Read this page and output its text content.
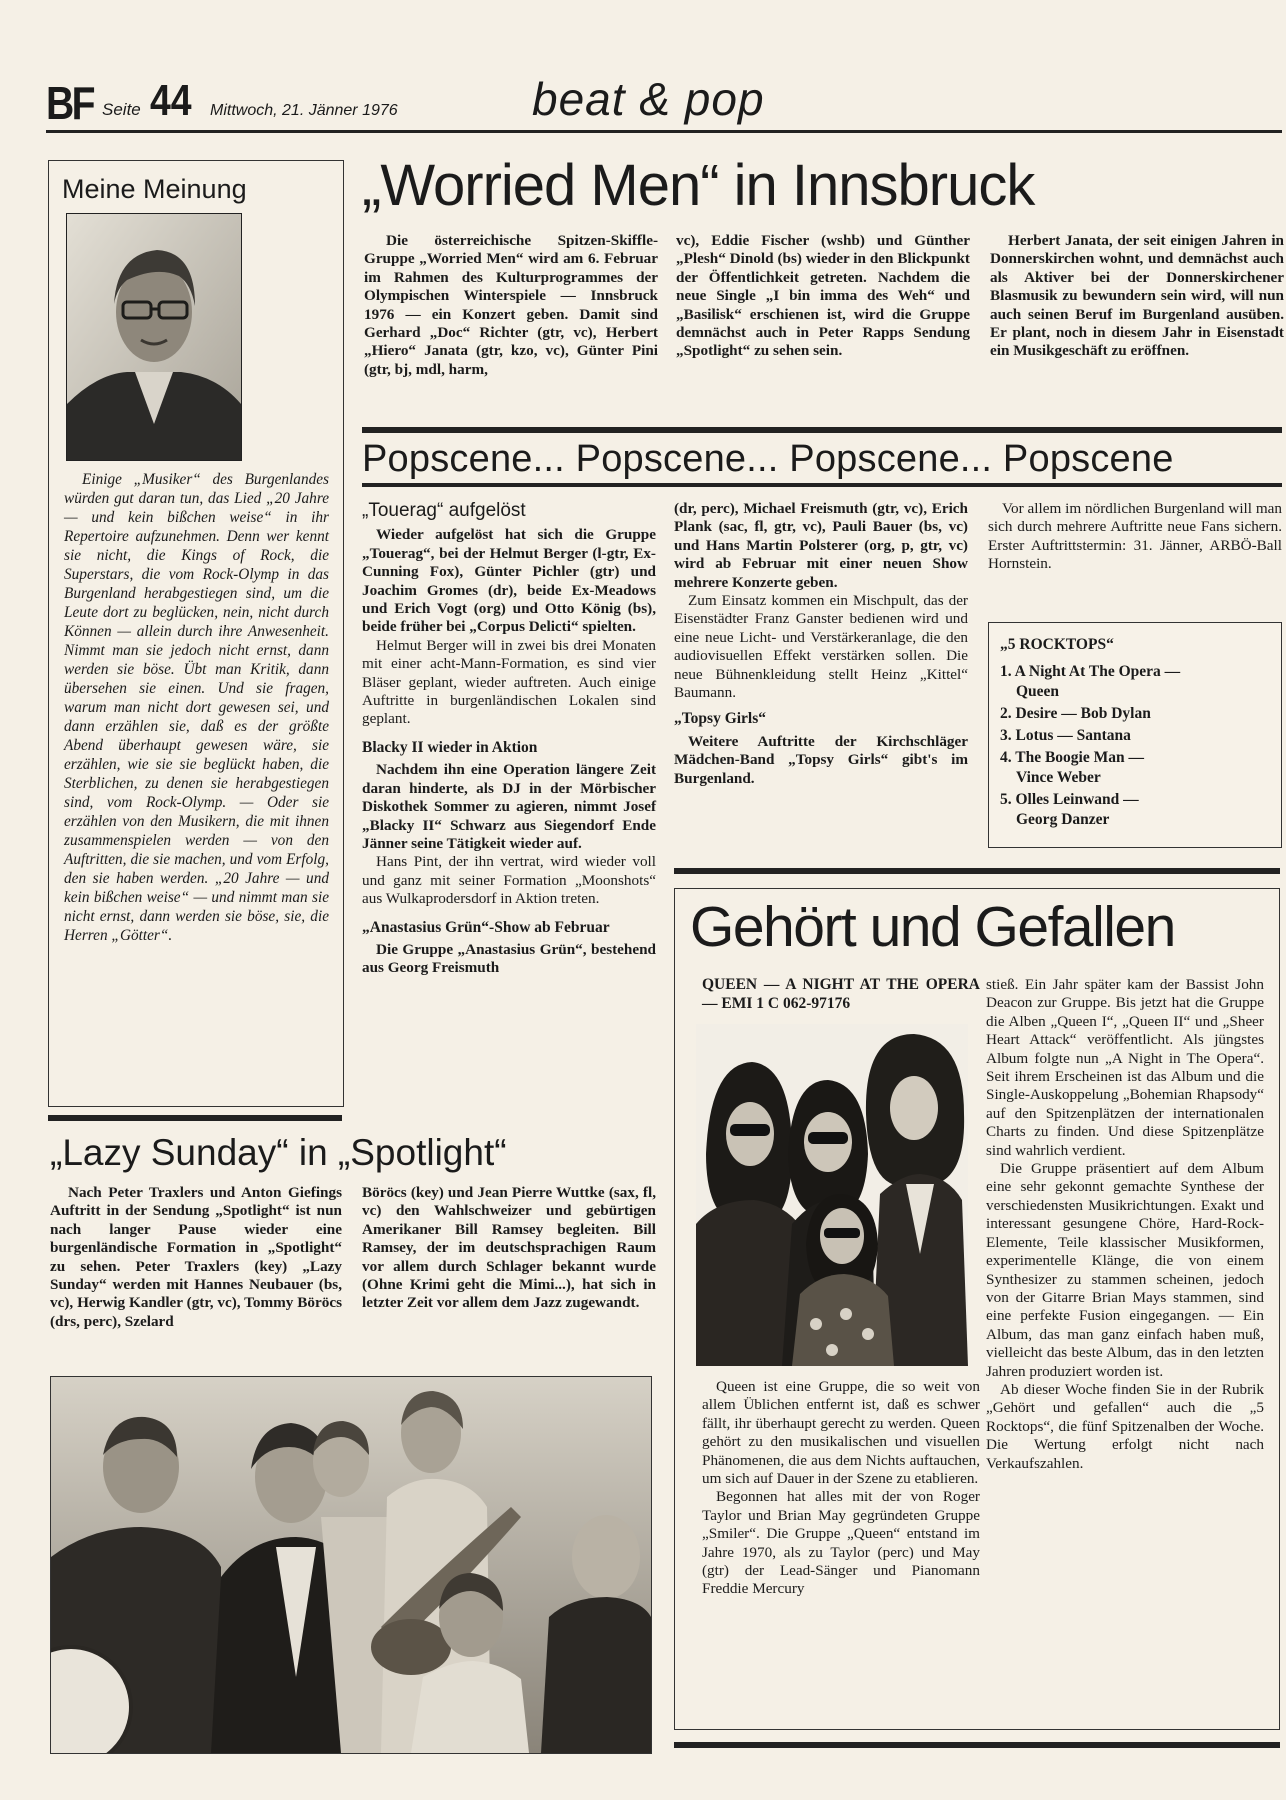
BF Seite 44 Mittwoch, 21. Jänner 1976	beat & pop
Meine Meinung
Einige „Musiker“ des Burgenlandes würden gut daran tun, das Lied „20 Jahre — und kein bißchen weise“ in ihr Repertoire aufzunehmen. Denn wer kennt sie nicht, die Kings of Rock, die Superstars, die vom Rock-Olymp in das Burgenland herabgestiegen sind, um die Leute dort zu beglücken, nein, nicht durch Können — allein durch ihre Anwesenheit. Nimmt man sie jedoch nicht ernst, dann werden sie böse. Übt man Kritik, dann übersehen sie einen. Und sie fragen, warum man nicht dort gewesen sei, und dann erzählen sie, daß es der größte Abend überhaupt gewesen wäre, sie erzählen, wie sie sie beglückt haben, die Sterblichen, zu denen sie herabgestiegen sind, vom Rock-Olymp. — Oder sie erzählen von den Musikern, die mit ihnen zusammenspielen werden — von den Auftritten, die sie machen, und vom Erfolg, den sie haben werden. „20 Jahre — und kein bißchen weise“ — und nimmt man sie nicht ernst, dann werden sie böse, sie, die Herren „Götter“.
„Worried Men“ in Innsbruck
Die österreichische Spitzen-Skiffle-Gruppe „Worried Men“ wird am 6. Februar im Rahmen des Kulturprogrammes der Olympischen Winterspiele — Innsbruck 1976 — ein Konzert geben. Damit sind Gerhard „Doc“ Richter (gtr, vc), Herbert „Hiero“ Janata (gtr, kzo, vc), Günter Pini (gtr, bj, mdl, harm,
vc), Eddie Fischer (wshb) und Günther „Plesh“ Dinold (bs) wieder in den Blickpunkt der Öffentlichkeit getreten. Nachdem die neue Single „I bin imma des Weh“ und „Basilisk“ erschienen ist, wird die Gruppe demnächst auch in Peter Rapps Sendung „Spotlight“ zu sehen sein.
Herbert Janata, der seit einigen Jahren in Donnerskirchen wohnt, und demnächst auch als Aktiver bei der Donnerskirchener Blasmusik zu bewundern sein wird, will nun auch seinen Beruf im Burgenland ausüben. Er plant, noch in diesem Jahr in Eisenstadt ein Musikgeschäft zu eröffnen.
Popscene... Popscene... Popscene... Popscene
„Touerag“ aufgelöst

Wieder aufgelöst hat sich die Gruppe „Touerag“, bei der Helmut Berger (l-gtr, Ex-Cunning Fox), Günter Pichler (gtr) und Joachim Gromes (dr), beide Ex-Meadows und Erich Vogt (org) und Otto König (bs), beide früher bei „Corpus Delicti“ spielten.

Helmut Berger will in zwei bis drei Monaten mit einer acht-Mann-Formation, es sind vier Bläser geplant, wieder auftreten. Auch einige Auftritte in burgenländischen Lokalen sind geplant.

Blacky II wieder in Aktion

Nachdem ihn eine Operation längere Zeit daran hinderte, als DJ in der Mörbischer Diskothek Sommer zu agieren, nimmt Josef „Blacky II“ Schwarz aus Siegendorf Ende Jänner seine Tätigkeit wieder auf.

Hans Pint, der ihn vertrat, wird wieder voll und ganz mit seiner Formation „Moonshots“ aus Wulkaprodersdorf in Aktion treten.

„Anastasius Grün“-Show ab Februar

Die Gruppe „Anastasius Grün“, bestehend aus Georg Freismuth

(dr, perc), Michael Freismuth (gtr, vc), Erich Plank (sac, fl, gtr, vc), Pauli Bauer (bs, vc) und Hans Martin Polsterer (org, p, gtr, vc) wird ab Februar mit einer neuen Show mehrere Konzerte geben.

Zum Einsatz kommen ein Mischpult, das der Eisenstädter Franz Ganster bedienen wird und eine neue Licht- und Verstärkeranlage, die den audiovisuellen Effekt verstärken sollen. Die neue Bühnenkleidung stellt Heinz „Kittel“ Baumann.

„Topsy Girls“

Weitere Auftritte der Kirchschläger Mädchen-Band „Topsy Girls“ gibt's im Burgenland.

Vor allem im nördlichen Burgenland will man sich durch mehrere Auftritte neue Fans sichern. Erster Auftrittstermin: 31. Jänner, ARBÖ-Ball Hornstein.

„5 ROCKTOPS“
1. A Night At The Opera —
Queen
2. Desire — Bob Dylan
3. Lotus — Santana
4. The Boogie Man —
Vince Weber
5. Olles Leinwand —
Georg Danzer
„Lazy Sunday“ in „Spotlight“
Nach Peter Traxlers und Anton Giefings Auftritt in der Sendung „Spotlight“ ist nun nach langer Pause wieder eine burgenländische Formation in „Spotlight“ zu sehen. Peter Traxlers (key) „Lazy Sunday“ werden mit Hannes Neubauer (bs, vc), Herwig Kandler (gtr, vc), Tommy Böröcs (drs, perc), Szelard
Böröcs (key) und Jean Pierre Wuttke (sax, fl, vc) den Wahlschweizer und gebürtigen Amerikaner Bill Ramsey begleiten. Bill Ramsey, der im deutschsprachigen Raum vor allem durch Schlager bekannt wurde (Ohne Krimi geht die Mimi...), hat sich in letzter Zeit vor allem dem Jazz zugewandt.
Gehört und Gefallen
QUEEN — A NIGHT AT THE OPERA — EMI 1 C 062-97176

Queen ist eine Gruppe, die so weit von allem Üblichen entfernt ist, daß es schwer fällt, ihr überhaupt gerecht zu werden. Queen gehört zu den musikalischen und visuellen Phänomenen, die aus dem Nichts auftauchen, um sich auf Dauer in der Szene zu etablieren.

Begonnen hat alles mit der von Roger Taylor und Brian May gegründeten Gruppe „Smiler“. Die Gruppe „Queen“ entstand im Jahre 1970, als zu Taylor (perc) und May (gtr) der Lead-Sänger und Pianomann Freddie Mercury

stieß. Ein Jahr später kam der Bassist John Deacon zur Gruppe. Bis jetzt hat die Gruppe die Alben „Queen I“, „Queen II“ und „Sheer Heart Attack“ veröffentlicht. Als jüngstes Album folgte nun „A Night in The Opera“. Seit ihrem Erscheinen ist das Album und die Single-Auskoppelung „Bohemian Rhapsody“ auf den Spitzenplätzen der internationalen Charts zu finden. Und diese Spitzenplätze sind wahrlich verdient.

Die Gruppe präsentiert auf dem Album eine sehr gekonnt gemachte Synthese der verschiedensten Musikrichtungen. Exakt und interessant gesungene Chöre, Hard-Rock-Elemente, Teile klassischer Musikformen, experimentelle Klänge, die von einem Synthesizer zu stammen scheinen, jedoch von der Gitarre Brian Mays stammen, sind eine perfekte Fusion eingegangen. — Ein Album, das man ganz einfach haben muß, vielleicht das beste Album, das in den letzten Jahren produziert worden ist.

Ab dieser Woche finden Sie in der Rubrik „Gehört und gefallen“ auch die „5 Rocktops“, die fünf Spitzenalben der Woche. Die Wertung erfolgt nicht nach Verkaufszahlen.
